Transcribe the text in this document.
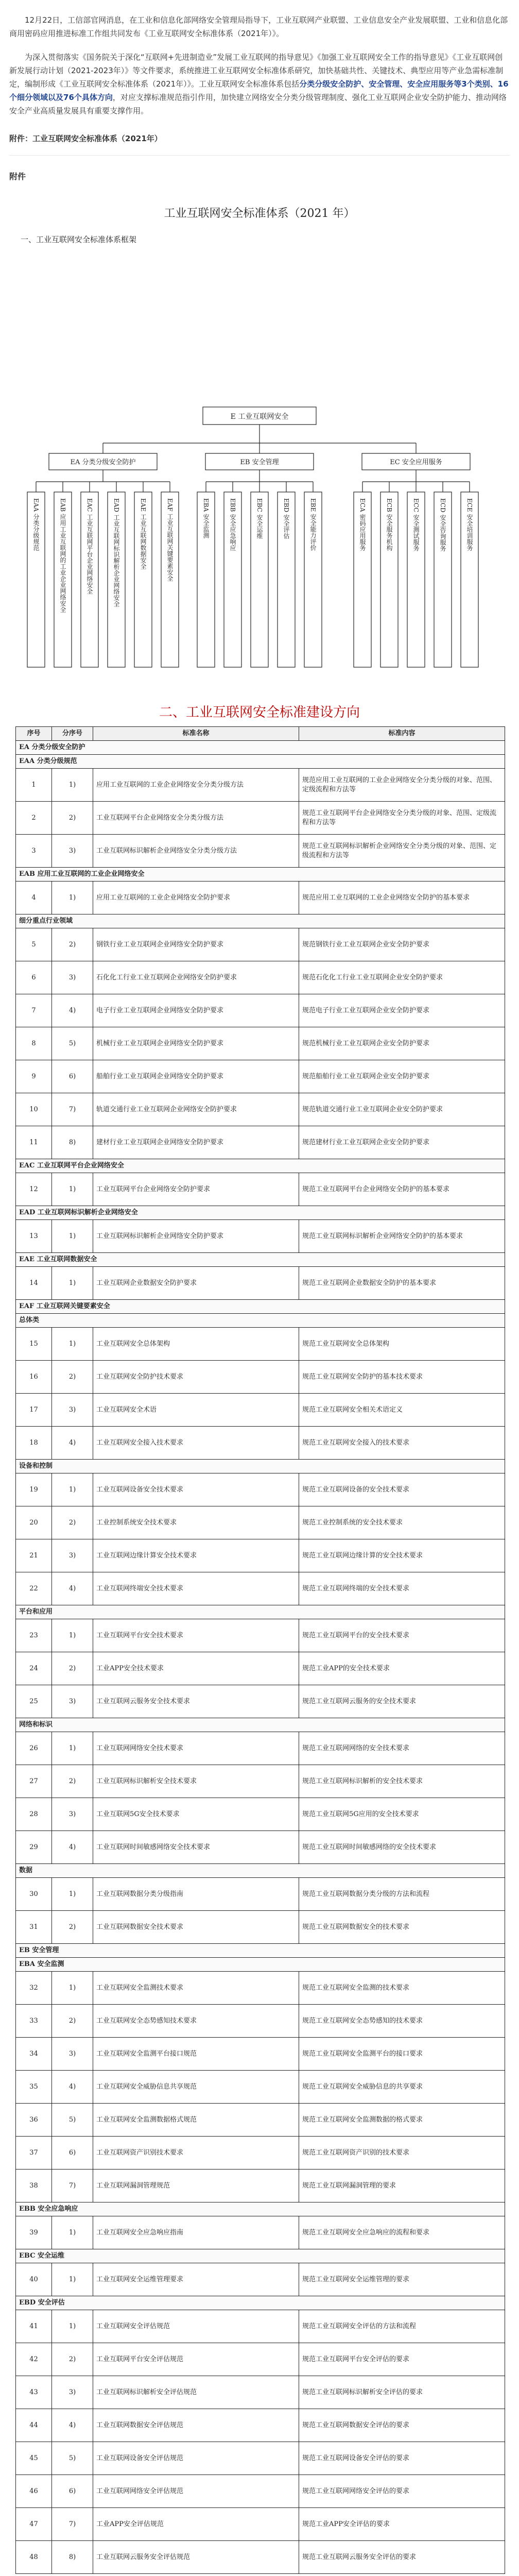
12月22日，工信部官网消息，在工业和信息化部网络安全管理局指导下，工业互联网产业联盟、工业信息安全产业发展联盟、工业和信息化部商用密码应用推进标准工作组共同发布《工业互联网安全标准体系（2021年）》。

为深入贯彻落实《国务院关于深化“互联网+先进制造业”发展工业互联网的指导意见》《加强工业互联网安全工作的指导意见》《工业互联网创新发展行动计划（2021-2023年）》等文件要求，系统推进工业互联网安全标准体系研究，加快基础共性、关键技术、典型应用等产业急需标准制定，编制形成《工业互联网安全标准体系（2021年）》。工业互联网安全标准体系包括分类分级安全防护、安全管理、安全应用服务等3个类别、16个细分领域以及76个具体方向，对应支撑标准规范指引作用，加快建立网络安全分类分级管理制度、强化工业互联网企业安全防护能力、推动网络安全产业高质量发展具有重要支撑作用。

附件：工业互联网安全标准体系（2021年）
附件
工业互联网安全标准体系（2021 年）
一、工业互联网安全标准体系框架
E 工业互联网安全
EA 分类分级安全防护
EAA 分类分级规范	EAB 应用工业互联网的工业企业网络安全	EAC 工业互联网平台企业网络安全	EAD 工业互联网标识解析企业网络安全	EAE 工业互联网数据安全	EAF 工业互联网关键要素安全
EB 安全管理
EBA 安全监测	EBB 安全应急响应	EBC 安全运维	EBD 安全评估	EBE 安全能力评价
EC 安全应用服务
ECA 密码应用服务	ECB 安全服务机构	ECC 安全测试服务	ECD 安全咨询服务	ECE 安全培训服务
二、工业互联网安全标准建设方向
序号	分序号	标准名称	标准内容
EA 分类分级安全防护			
EAA 分类分级规范			
1	1)	应用工业互联网的工业企业网络安全分类分级方法	规范应用工业互联网的工业企业网络安全分类分级的对象、范围、定级流程和方法等
2	2)	工业互联网平台企业网络安全分类分级方法	规范工业互联网平台企业网络安全分类分级的对象、范围、定级流程和方法等
3	3)	工业互联网标识解析企业网络安全分类分级方法	规范工业互联网标识解析企业网络安全分类分级的对象、范围、定级流程和方法等
EAB 应用工业互联网的工业企业网络安全			
4	1)	应用工业互联网的工业企业网络安全防护要求	规范应用工业互联网的工业企业网络安全防护的基本要求
细分重点行业领域			
5	2)	钢铁行业工业互联网企业网络安全防护要求	规范钢铁行业工业互联网企业安全防护要求
6	3)	石化化工行业工业互联网企业网络安全防护要求	规范石化化工行业工业互联网企业安全防护要求
7	4)	电子行业工业互联网企业网络安全防护要求	规范电子行业工业互联网企业安全防护要求
8	5)	机械行业工业互联网企业网络安全防护要求	规范机械行业工业互联网企业安全防护要求
9	6)	船舶行业工业互联网企业网络安全防护要求	规范船舶行业工业互联网企业安全防护要求
10	7)	轨道交通行业工业互联网企业网络安全防护要求	规范轨道交通行业工业互联网企业安全防护要求
11	8)	建材行业工业互联网企业网络安全防护要求	规范建材行业工业互联网企业安全防护要求
EAC 工业互联网平台企业网络安全			
12	1)	工业互联网平台企业网络安全防护要求	规范工业互联网平台企业网络安全防护的基本要求
EAD 工业互联网标识解析企业网络安全			
13	1)	工业互联网标识解析企业网络安全防护要求	规范工业互联网标识解析企业网络安全防护的基本要求
EAE 工业互联网数据安全			
14	1)	工业互联网企业数据安全防护要求	规范工业互联网企业数据安全防护的基本要求
EAF 工业互联网关键要素安全			
总体类			
15	1)	工业互联网安全总体架构	规范工业互联网安全总体架构
16	2)	工业互联网安全防护技术要求	规范工业互联网安全防护的基本技术要求
17	3)	工业互联网安全术语	规范工业互联网安全相关术语定义
18	4)	工业互联网安全接入技术要求	规范工业互联网安全接入的技术要求
设备和控制			
19	1)	工业互联网设备安全技术要求	规范工业互联网设备的安全技术要求
20	2)	工业控制系统安全技术要求	规范工业控制系统的安全技术要求
21	3)	工业互联网边缘计算安全技术要求	规范工业互联网边缘计算的安全技术要求
22	4)	工业互联网终端安全技术要求	规范工业互联网终端的安全技术要求
平台和应用			
23	1)	工业互联网平台安全技术要求	规范工业互联网平台的安全技术要求
24	2)	工业APP安全技术要求	规范工业APP的安全技术要求
25	3)	工业互联网云服务安全技术要求	规范工业互联网云服务的安全技术要求
网络和标识			
26	1)	工业互联网网络安全技术要求	规范工业互联网网络的安全技术要求
27	2)	工业互联网标识解析安全技术要求	规范工业互联网标识解析的安全技术要求
28	3)	工业互联网5G安全技术要求	规范工业互联网5G应用的安全技术要求
29	4)	工业互联网时间敏感网络安全技术要求	规范工业互联网时间敏感网络的安全技术要求
数据			
30	1)	工业互联网数据分类分级指南	规范工业互联网数据分类分级的方法和流程
31	2)	工业互联网数据安全技术要求	规范工业互联网数据安全的技术要求
EB 安全管理			
EBA 安全监测			
32	1)	工业互联网安全监测技术要求	规范工业互联网安全监测的技术要求
33	2)	工业互联网安全态势感知技术要求	规范工业互联网安全态势感知的技术要求
34	3)	工业互联网安全监测平台接口规范	规范工业互联网安全监测平台的接口要求
35	4)	工业互联网安全威胁信息共享规范	规范工业互联网安全威胁信息的共享要求
36	5)	工业互联网安全监测数据格式规范	规范工业互联网安全监测数据的格式要求
37	6)	工业互联网资产识别技术要求	规范工业互联网资产识别的技术要求
38	7)	工业互联网漏洞管理规范	规范工业互联网漏洞管理的要求
EBB 安全应急响应			
39	1)	工业互联网安全应急响应指南	规范工业互联网安全应急响应的流程和要求
EBC 安全运维			
40	1)	工业互联网安全运维管理要求	规范工业互联网安全运维管理的要求
EBD 安全评估			
41	1)	工业互联网安全评估规范	规范工业互联网安全评估的方法和流程
42	2)	工业互联网平台安全评估规范	规范工业互联网平台安全评估的要求
43	3)	工业互联网标识解析安全评估规范	规范工业互联网标识解析安全评估的要求
44	4)	工业互联网数据安全评估规范	规范工业互联网数据安全评估的要求
45	5)	工业互联网设备安全评估规范	规范工业互联网设备安全评估的要求
46	6)	工业互联网网络安全评估规范	规范工业互联网网络安全评估的要求
47	7)	工业APP安全评估规范	规范工业APP安全评估的要求
48	8)	工业互联网云服务安全评估规范	规范工业互联网云服务安全评估的要求
